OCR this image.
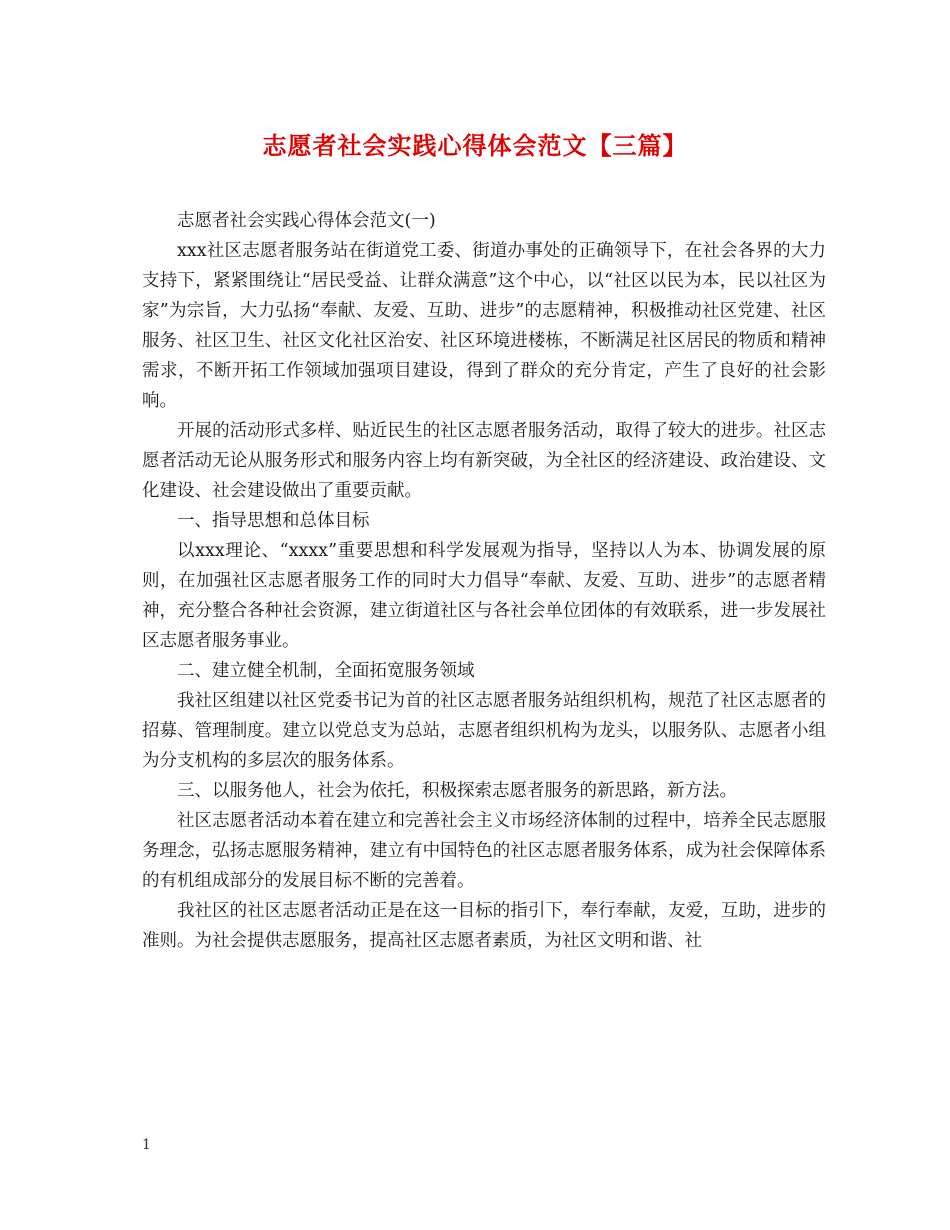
志愿者社会实践心得体会范文【三篇】

志愿者社会实践心得体会范文(一)

xxx社区志愿者服务站在街道党工委、街道办事处的正确领导下，在社会各界的大力支持下，紧紧围绕让“居民受益、让群众满意”这个中心，以“社区以民为本，民以社区为家”为宗旨，大力弘扬“奉献、友爱、互助、进步”的志愿精神，积极推动社区党建、社区服务、社区卫生、社区文化社区治安、社区环境进楼栋，不断满足社区居民的物质和精神需求，不断开拓工作领域加强项目建设，得到了群众的充分肯定，产生了良好的社会影响。

开展的活动形式多样、贴近民生的社区志愿者服务活动，取得了较大的进步。社区志愿者活动无论从服务形式和服务内容上均有新突破，为全社区的经济建设、政治建设、文化建设、社会建设做出了重要贡献。

一、指导思想和总体目标

以xxx理论、“xxxx”重要思想和科学发展观为指导，坚持以人为本、协调发展的原则，在加强社区志愿者服务工作的同时大力倡导“奉献、友爱、互助、进步”的志愿者精神，充分整合各种社会资源，建立街道社区与各社会单位团体的有效联系，进一步发展社区志愿者服务事业。

二、建立健全机制，全面拓宽服务领域

我社区组建以社区党委书记为首的社区志愿者服务站组织机构，规范了社区志愿者的招募、管理制度。建立以党总支为总站，志愿者组织机构为龙头，以服务队、志愿者小组为分支机构的多层次的服务体系。

三、以服务他人，社会为依托，积极探索志愿者服务的新思路，新方法。

社区志愿者活动本着在建立和完善社会主义市场经济体制的过程中，培养全民志愿服务理念，弘扬志愿服务精神，建立有中国特色的社区志愿者服务体系，成为社会保障体系的有机组成部分的发展目标不断的完善着。

我社区的社区志愿者活动正是在这一目标的指引下，奉行奉献，友爱，互助，进步的准则。为社会提供志愿服务，提高社区志愿者素质，为社区文明和谐、社

1
